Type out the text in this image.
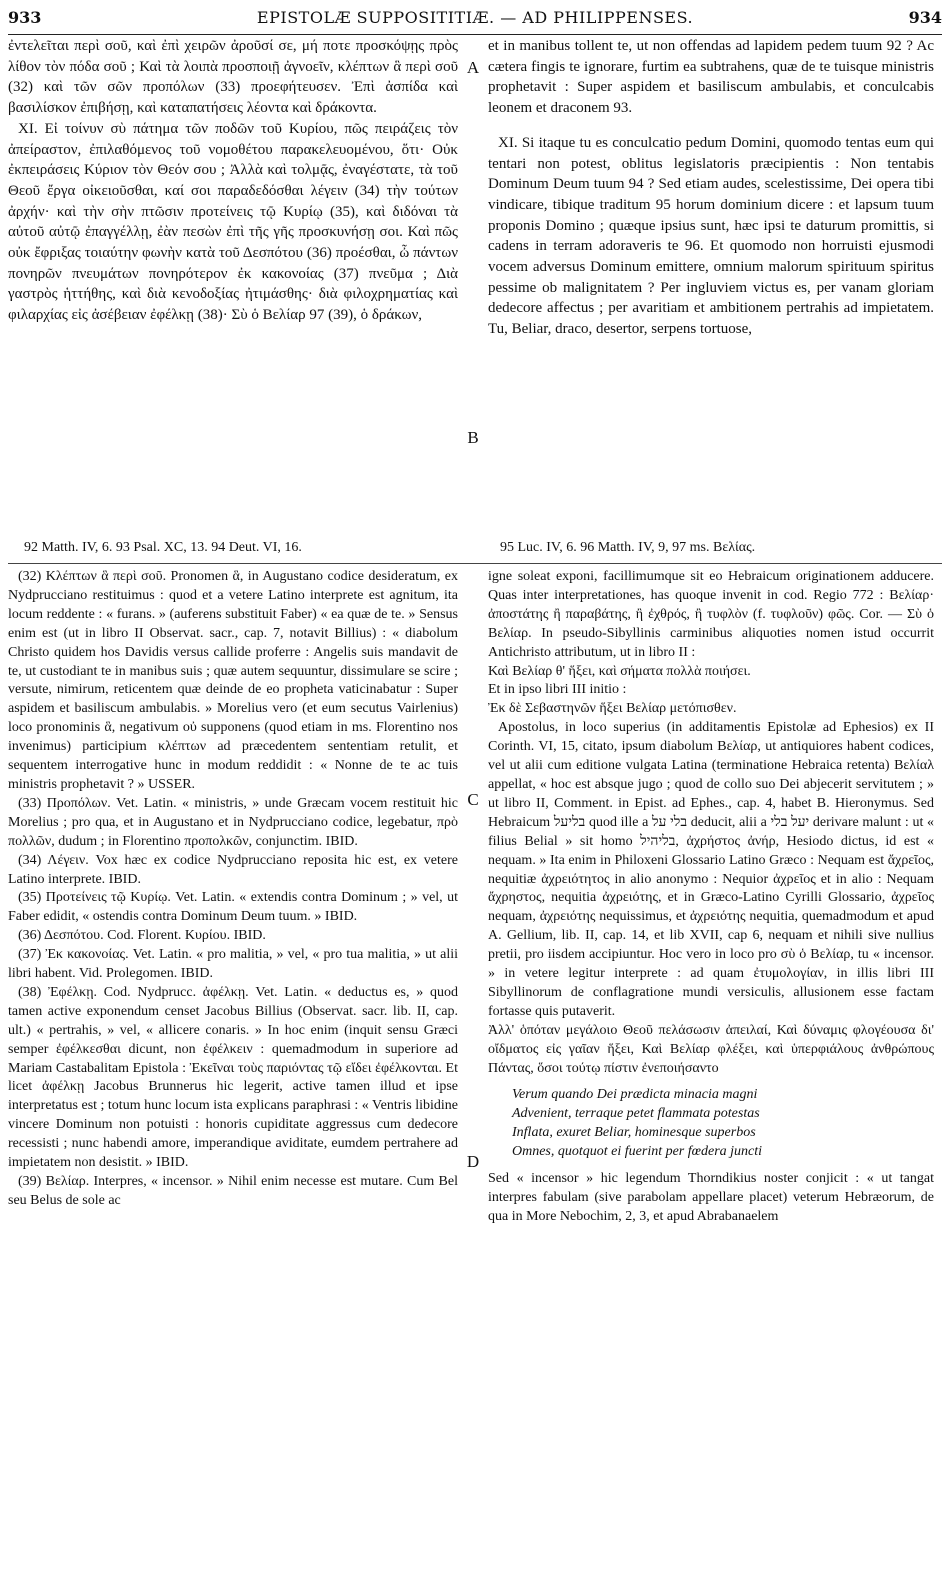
933	EPISTOLÆ SUPPOSITITIÆ. — AD PHILIPPENSES.	934

ἐντελεῖται περὶ σοῦ, καὶ ἐπὶ χειρῶν ἀροῦσί σε, μή ποτε προσκόψῃς πρὸς λίθον τὸν πόδα σοῦ ; Καὶ τὰ λοιπὰ προσποιῇ ἀγνοεῖν, κλέπτων ἃ περὶ σοῦ (32) καὶ τῶν σῶν προπόλων (33) προεφήτευσεν. Ἐπὶ ἀσπίδα καὶ βασιλίσκον ἐπιβήσῃ, καὶ καταπατήσεις λέοντα καὶ δράκοντα.

XI. Εἰ τοίνυν σὺ πάτημα τῶν ποδῶν τοῦ Κυρίου, πῶς πειράζεις τὸν ἀπείραστον, ἐπιλαθόμενος τοῦ νομοθέτου παρακελευομένου, ὅτι· Οὐκ ἐκπειράσεις Κύριον τὸν Θεόν σου ; Ἀλλὰ καὶ τολμᾷς, ἐναγέστατε, τὰ τοῦ Θεοῦ ἔργα οἰκειοῦσθαι, καί σοι παραδεδόσθαι λέγειν (34) τὴν τούτων ἀρχήν· καὶ τὴν σὴν πτῶσιν προτείνεις τῷ Κυρίῳ (35), καὶ διδόναι τὰ αὐτοῦ αὐτῷ ἐπαγγέλλῃ, ἐὰν πεσὼν ἐπὶ τῆς γῆς προσκυνήσῃ σοι. Καὶ πῶς οὐκ ἔφριξας τοιαύτην φωνὴν κατὰ τοῦ Δεσπότου (36) προέσθαι, ὦ πάντων πονηρῶν πνευμάτων πονηρότερον ἐκ κακονοίας (37) πνεῦμα ; Διὰ γαστρὸς ἡττήθης, καὶ διὰ κενοδοξίας ἠτιμάσθης· διὰ φιλοχρηματίας καὶ φιλαρχίας εἰς ἀσέβειαν ἐφέλκῃ (38)· Σὺ ὁ Βελίαρ 97 (39), ὁ δράκων,

et in manibus tollent te, ut non offendas ad lapidem pedem tuum 92 ? Ac cætera fingis te ignorare, furtim ea subtrahens, quæ de te tuisque ministris prophetavit : Super aspidem et basiliscum ambulabis, et conculcabis leonem et draconem 93.

XI. Si itaque tu es conculcatio pedum Domini, quomodo tentas eum qui tentari non potest, oblitus legislatoris præcipientis : Non tentabis Dominum Deum tuum 94 ? Sed etiam audes, scelestissime, Dei opera tibi vindicare, tibique traditum 95 horum dominium dicere : et lapsum tuum proponis Domino ; quæque ipsius sunt, hæc ipsi te daturum promittis, si cadens in terram adoraveris te 96. Et quomodo non horruisti ejusmodi vocem adversus Dominum emittere, omnium malorum spirituum spiritus pessime ob malignitatem ? Per ingluviem victus es, per vanam gloriam dedecore affectus ; per avaritiam et ambitionem pertrahis ad impietatem. Tu, Beliar, draco, desertor, serpens tortuose,

A
B
C
D
92 Matth. IV, 6. 93 Psal. XC, 13. 94 Deut. VI, 16.	95 Luc. IV, 6. 96 Matth. IV, 9, 97 ms. Βελίας.

(32) Κλέπτων ἃ περὶ σοῦ. Pronomen ἃ, in Augustano codice desideratum, ex Nydprucciano restituimus : quod et a vetere Latino interprete est agnitum, ita locum reddente : « furans. » (auferens substituit Faber) « ea quæ de te. » Sensus enim est (ut in libro II Observat. sacr., cap. 7, notavit Billius) : « diabolum Christo quidem hos Davidis versus callide proferre : Angelis suis mandavit de te, ut custodiant te in manibus suis ; quæ autem sequuntur, dissimulare se scire ; versute, nimirum, reticentem quæ deinde de eo propheta vaticinabatur : Super aspidem et basiliscum ambulabis. » Morelius vero (et eum secutus Vairlenius) loco pronominis ἃ, negativum οὐ supponens (quod etiam in ms. Florentino nos invenimus) participium κλέπτων ad præcedentem sententiam retulit, et sequentem interrogative hunc in modum reddidit : « Nonne de te ac tuis ministris prophetavit ? » USSER.

(33) Προπόλων. Vet. Latin. « ministris, » unde Græcam vocem restituit hic Morelius ; pro qua, et in Augustano et in Nydprucciano codice, legebatur, πρὸ πολλῶν, dudum ; in Florentino προπολκῶν, conjunctim. IBID.

(34) Λέγειν. Vox hæc ex codice Nydprucciano reposita hic est, ex vetere Latino interprete. IBID.

(35) Προτείνεις τῷ Κυρίῳ. Vet. Latin. « extendis contra Dominum ; » vel, ut Faber edidit, « ostendis contra Dominum Deum tuum. » IBID.

(36) Δεσπότου. Cod. Florent. Κυρίου. IBID.

(37) Ἐκ κακονοίας. Vet. Latin. « pro malitia, » vel, « pro tua malitia, » ut alii libri habent. Vid. Prolegomen. IBID.

(38) Ἐφέλκῃ. Cod. Nydprucc. ἀφέλκῃ. Vet. Latin. « deductus es, » quod tamen active exponendum censet Jacobus Billius (Observat. sacr. lib. II, cap. ult.) « pertrahis, » vel, « allicere conaris. » In hoc enim (inquit sensu Græci semper ἐφέλκεσθαι dicunt, non ἐφέλκειν : quemadmodum in superiore ad Mariam Castabalitam Epistola : Ἐκεῖναι τοὺς παριόντας τῷ εἴδει ἐφέλκονται. Et licet ἀφέλκῃ Jacobus Brunnerus hic legerit, active tamen illud et ipse interpretatus est ; totum hunc locum ista explicans paraphrasi : « Ventris libidine vincere Dominum non potuisti : honoris cupiditate aggressus cum dedecore recessisti ; nunc habendi amore, imperandique aviditate, eumdem pertrahere ad impietatem non desistit. » IBID.

(39) Βελίαρ. Interpres, « incensor. » Nihil enim necesse est mutare. Cum Bel seu Belus de sole ac

igne soleat exponi, facillimumque sit eo Hebraicum originationem adducere. Quas inter interpretationes, has quoque invenit in cod. Regio 772 : Βελίαρ· ἀποστάτης ἢ παραβάτης, ἢ ἐχθρός, ἢ τυφλὸν (f. τυφλοῦν) φῶς. Cor. — Σὺ ὁ Βελίαρ. In pseudo-Sibyllinis carminibus aliquoties nomen istud occurrit Antichristo attributum, ut in libro II :

Καὶ Βελίαρ θ' ἥξει, καὶ σήματα πολλὰ ποιήσει.

Et in ipso libri III initio :

Ἐκ δὲ Σεβαστηνῶν ἥξει Βελίαρ μετόπισθεν.

Apostolus, in loco superius (in additamentis Epistolæ ad Ephesios) ex II Corinth. VI, 15, citato, ipsum diabolum Βελίαρ, ut antiquiores habent codices, vel ut alii cum editione vulgata Latina (terminatione Hebraica retenta) Βελίαλ appellat, « hoc est absque jugo ; quod de collo suo Dei abjecerit servitutem ; » ut libro II, Comment. in Epist. ad Ephes., cap. 4, habet B. Hieronymus. Sed Hebraicum בליעל quod ille a בלי על deducit, alii a יעל בלי derivare malunt : ut « filius Belial » sit homo בליהיל, ἀχρήστος ἀνήρ, Hesiodo dictus, id est « nequam. » Ita enim in Philoxeni Glossario Latino Græco : Nequam est ἄχρεῖος, nequitiæ ἀχρειότητος in alio anonymo : Nequior ἀχρεῖος et in alio : Nequam ἄχρηστος, nequitia ἀχρειότης, et in Græco-Latino Cyrilli Glossario, ἀχρεῖος nequam, ἀχρειότης nequissimus, et ἀχρειότης nequitia, quemadmodum et apud A. Gellium, lib. II, cap. 14, et lib XVII, cap 6, nequam et nihili sive nullius pretii, pro iisdem accipiuntur. Hoc vero in loco pro σὺ ὁ Βελίαρ, tu « incensor. » in vetere legitur interprete : ad quam ἐτυμολογίαν, in illis libri III Sibyllinorum de conflagratione mundi versiculis, allusionem esse factam fortasse quis putaverit.

Ἀλλ' ὁπόταν μεγάλοιο Θεοῦ πελάσωσιν ἀπειλαί, Καὶ δύναμις φλογέουσα δι' οἴδματος εἰς γαῖαν ἥξει, Καὶ Βελίαρ φλέξει, καὶ ὑπερφιάλους ἀνθρώπους Πάντας, ὅσοι τούτῳ πίστιν ἐνεποιήσαντο

Verum quando Dei prædicta minacia magni

Advenient, terraque petet flammata potestas

Inflata, exuret Beliar, hominesque superbos

Omnes, quotquot ei fuerint per fœdera juncti

Sed « incensor » hic legendum Thorndikius noster conjicit : « ut tangat interpres fabulam (sive parabolam appellare placet) veterum Hebræorum, de qua in More Nebochim, 2, 3, et apud Abrabanaelem
